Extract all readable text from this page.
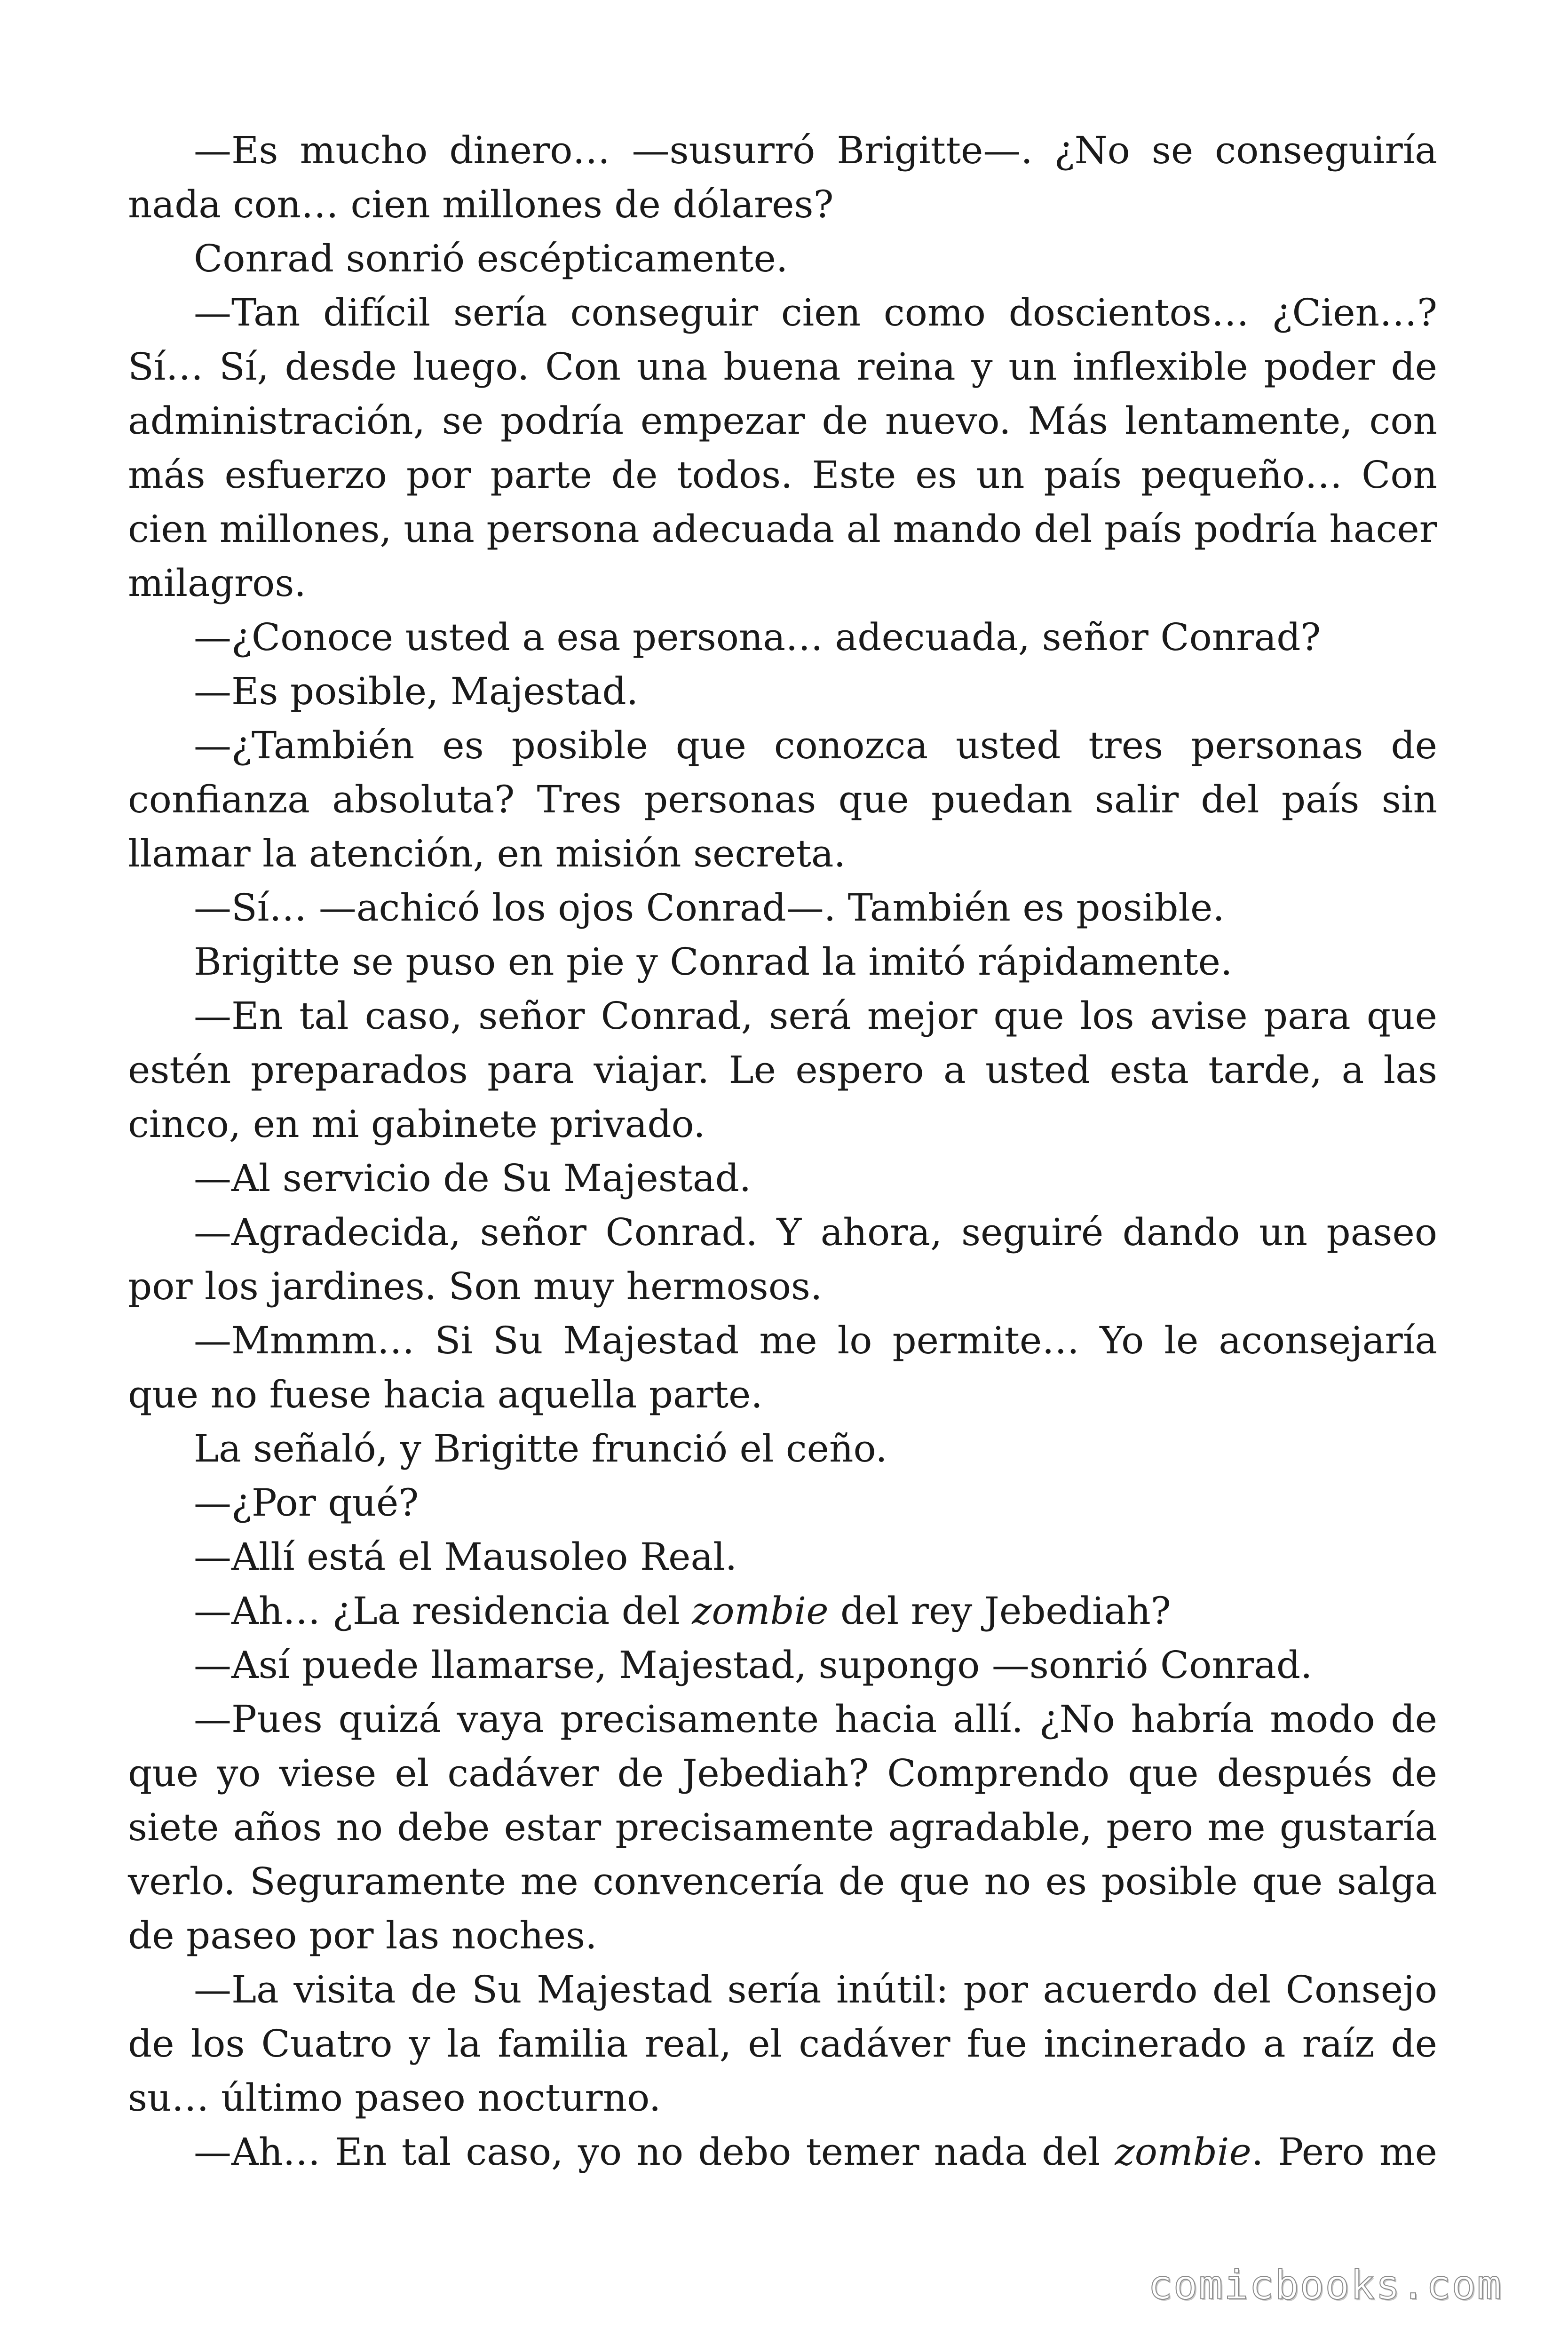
—Es mucho dinero… —susurró Brigitte—. ¿No se conseguiría nada con… cien millones de dólares?

Conrad sonrió escépticamente.

—Tan difícil sería conseguir cien como doscientos… ¿Cien…? Sí… Sí, desde luego. Con una buena reina y un inflexible poder de administración, se podría empezar de nuevo. Más lentamente, con más esfuerzo por parte de todos. Este es un país pequeño… Con cien millones, una persona adecuada al mando del país podría hacer milagros.

—¿Conoce usted a esa persona… adecuada, señor Conrad?

—Es posible, Majestad.

—¿También es posible que conozca usted tres personas de confianza absoluta? Tres personas que puedan salir del país sin llamar la atención, en misión secreta.

—Sí… —achicó los ojos Conrad—. También es posible.

Brigitte se puso en pie y Conrad la imitó rápidamente.

—En tal caso, señor Conrad, será mejor que los avise para que estén preparados para viajar. Le espero a usted esta tarde, a las cinco, en mi gabinete privado.

—Al servicio de Su Majestad.

—Agradecida, señor Conrad. Y ahora, seguiré dando un paseo por los jardines. Son muy hermosos.

—Mmmm… Si Su Majestad me lo permite… Yo le aconsejaría que no fuese hacia aquella parte.

La señaló, y Brigitte frunció el ceño.

—¿Por qué?

—Allí está el Mausoleo Real.

—Ah… ¿La residencia del zombie del rey Jebediah?

—Así puede llamarse, Majestad, supongo —sonrió Conrad.

—Pues quizá vaya precisamente hacia allí. ¿No habría modo de que yo viese el cadáver de Jebediah? Comprendo que después de siete años no debe estar precisamente agradable, pero me gustaría verlo. Seguramente me convencería de que no es posible que salga de paseo por las noches.

—La visita de Su Majestad sería inútil: por acuerdo del Consejo de los Cuatro y la familia real, el cadáver fue incinerado a raíz de su… último paseo nocturno.

—Ah… En tal caso, yo no debo temer nada del zombie. Pero me

comicbooks.com
